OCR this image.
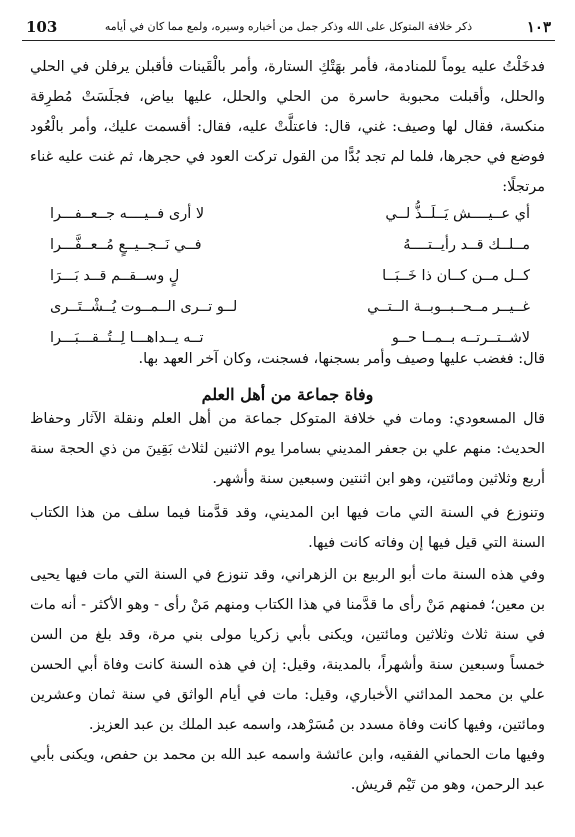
103	ذكر خلافة المتوكل على الله وذكر جمل من أخباره وسيره، ولمع مما كان في أيامه	١٠٣
فدخَلْتُ عليه يوماً للمنادمة، فأمر بهَتْكِ الستارة، وأمر بالْقَينات فأقبلن يرفلن في الحلي والحلل، وأقبلت محبوبة حاسرة من الحلي والحلل، عليها بياض، فجلَسَتْ مُطرِقة منكسة، فقال لها وصيف: غني، قال: فاعتلَّتْ عليه، فقال: أقسمت عليك، وأمر بالْعُود فوضع في حجرها، فلما لم تجد بُدًّا من القول تركت العود في حجرها، ثم غنت عليه غناء مرتجلًا:
أي عــيــــش يَــلَــذُّ لــي
لا أرى فــيــــه جــعــفـــرا
مــلــك قــد رأيــتــــهُ
فــي نَــجــيــعٍ مُــعــفَّـــرا
كــل مــن كــان ذا خَــبَــا
لٍ وســقــم قــد بَـــرَا
غــيــر مــحــبــوبــة الــتــي
لــو تــرى الــمــوت يُــشْــتَــرى
لاشــتــرتــه بــمــا حــو
تــه يــداهـــا لِــتُــقـــبَـــرا
قال: فغضب عليها وصيف وأمر بسجنها، فسجنت، وكان آخر العهد بها.
وفاة جماعة من أهل العلم
قال المسعودي: ومات في خلافة المتوكل جماعة من أهل العلم ونقلة الآثار وحفاظ الحديث: منهم علي بن جعفر المديني بسامرا يوم الاثنين لثلاث بَقِينَ من ذي الحجة سنة أربع وثلاثين ومائتين، وهو ابن اثنتين وسبعين سنة وأشهر.
وتنوزع في السنة التي مات فيها ابن المديني، وقد قدَّمنا فيما سلف من هذا الكتاب السنة التي قيل فيها إن وفاته كانت فيها.
وفي هذه السنة مات أبو الربيع بن الزهراني، وقد تنوزع في السنة التي مات فيها يحيى بن معين؛ فمنهم مَنْ رأى ما قدَّمنا في هذا الكتاب ومنهم مَنْ رأى - وهو الأكثر - أنه مات في سنة ثلاث وثلاثين ومائتين، ويكنى بأبي زكريا مولى بني مرة، وقد بلغ من السن خمساً وسبعين سنة وأشهراً، بالمدينة، وقيل: إن في هذه السنة كانت وفاة أبي الحسن علي بن محمد المدائني الأخباري، وقيل: مات في أيام الواثق في سنة ثمان وعشرين ومائتين، وفيها كانت وفاة مسدد بن مُسَرْهد، واسمه عبد الملك بن عبد العزيز.
وفيها مات الحماني الفقيه، وابن عائشة واسمه عبد الله بن محمد بن حفص، ويكنى بأبي عبد الرحمن، وهو من تَيْم قريش.
